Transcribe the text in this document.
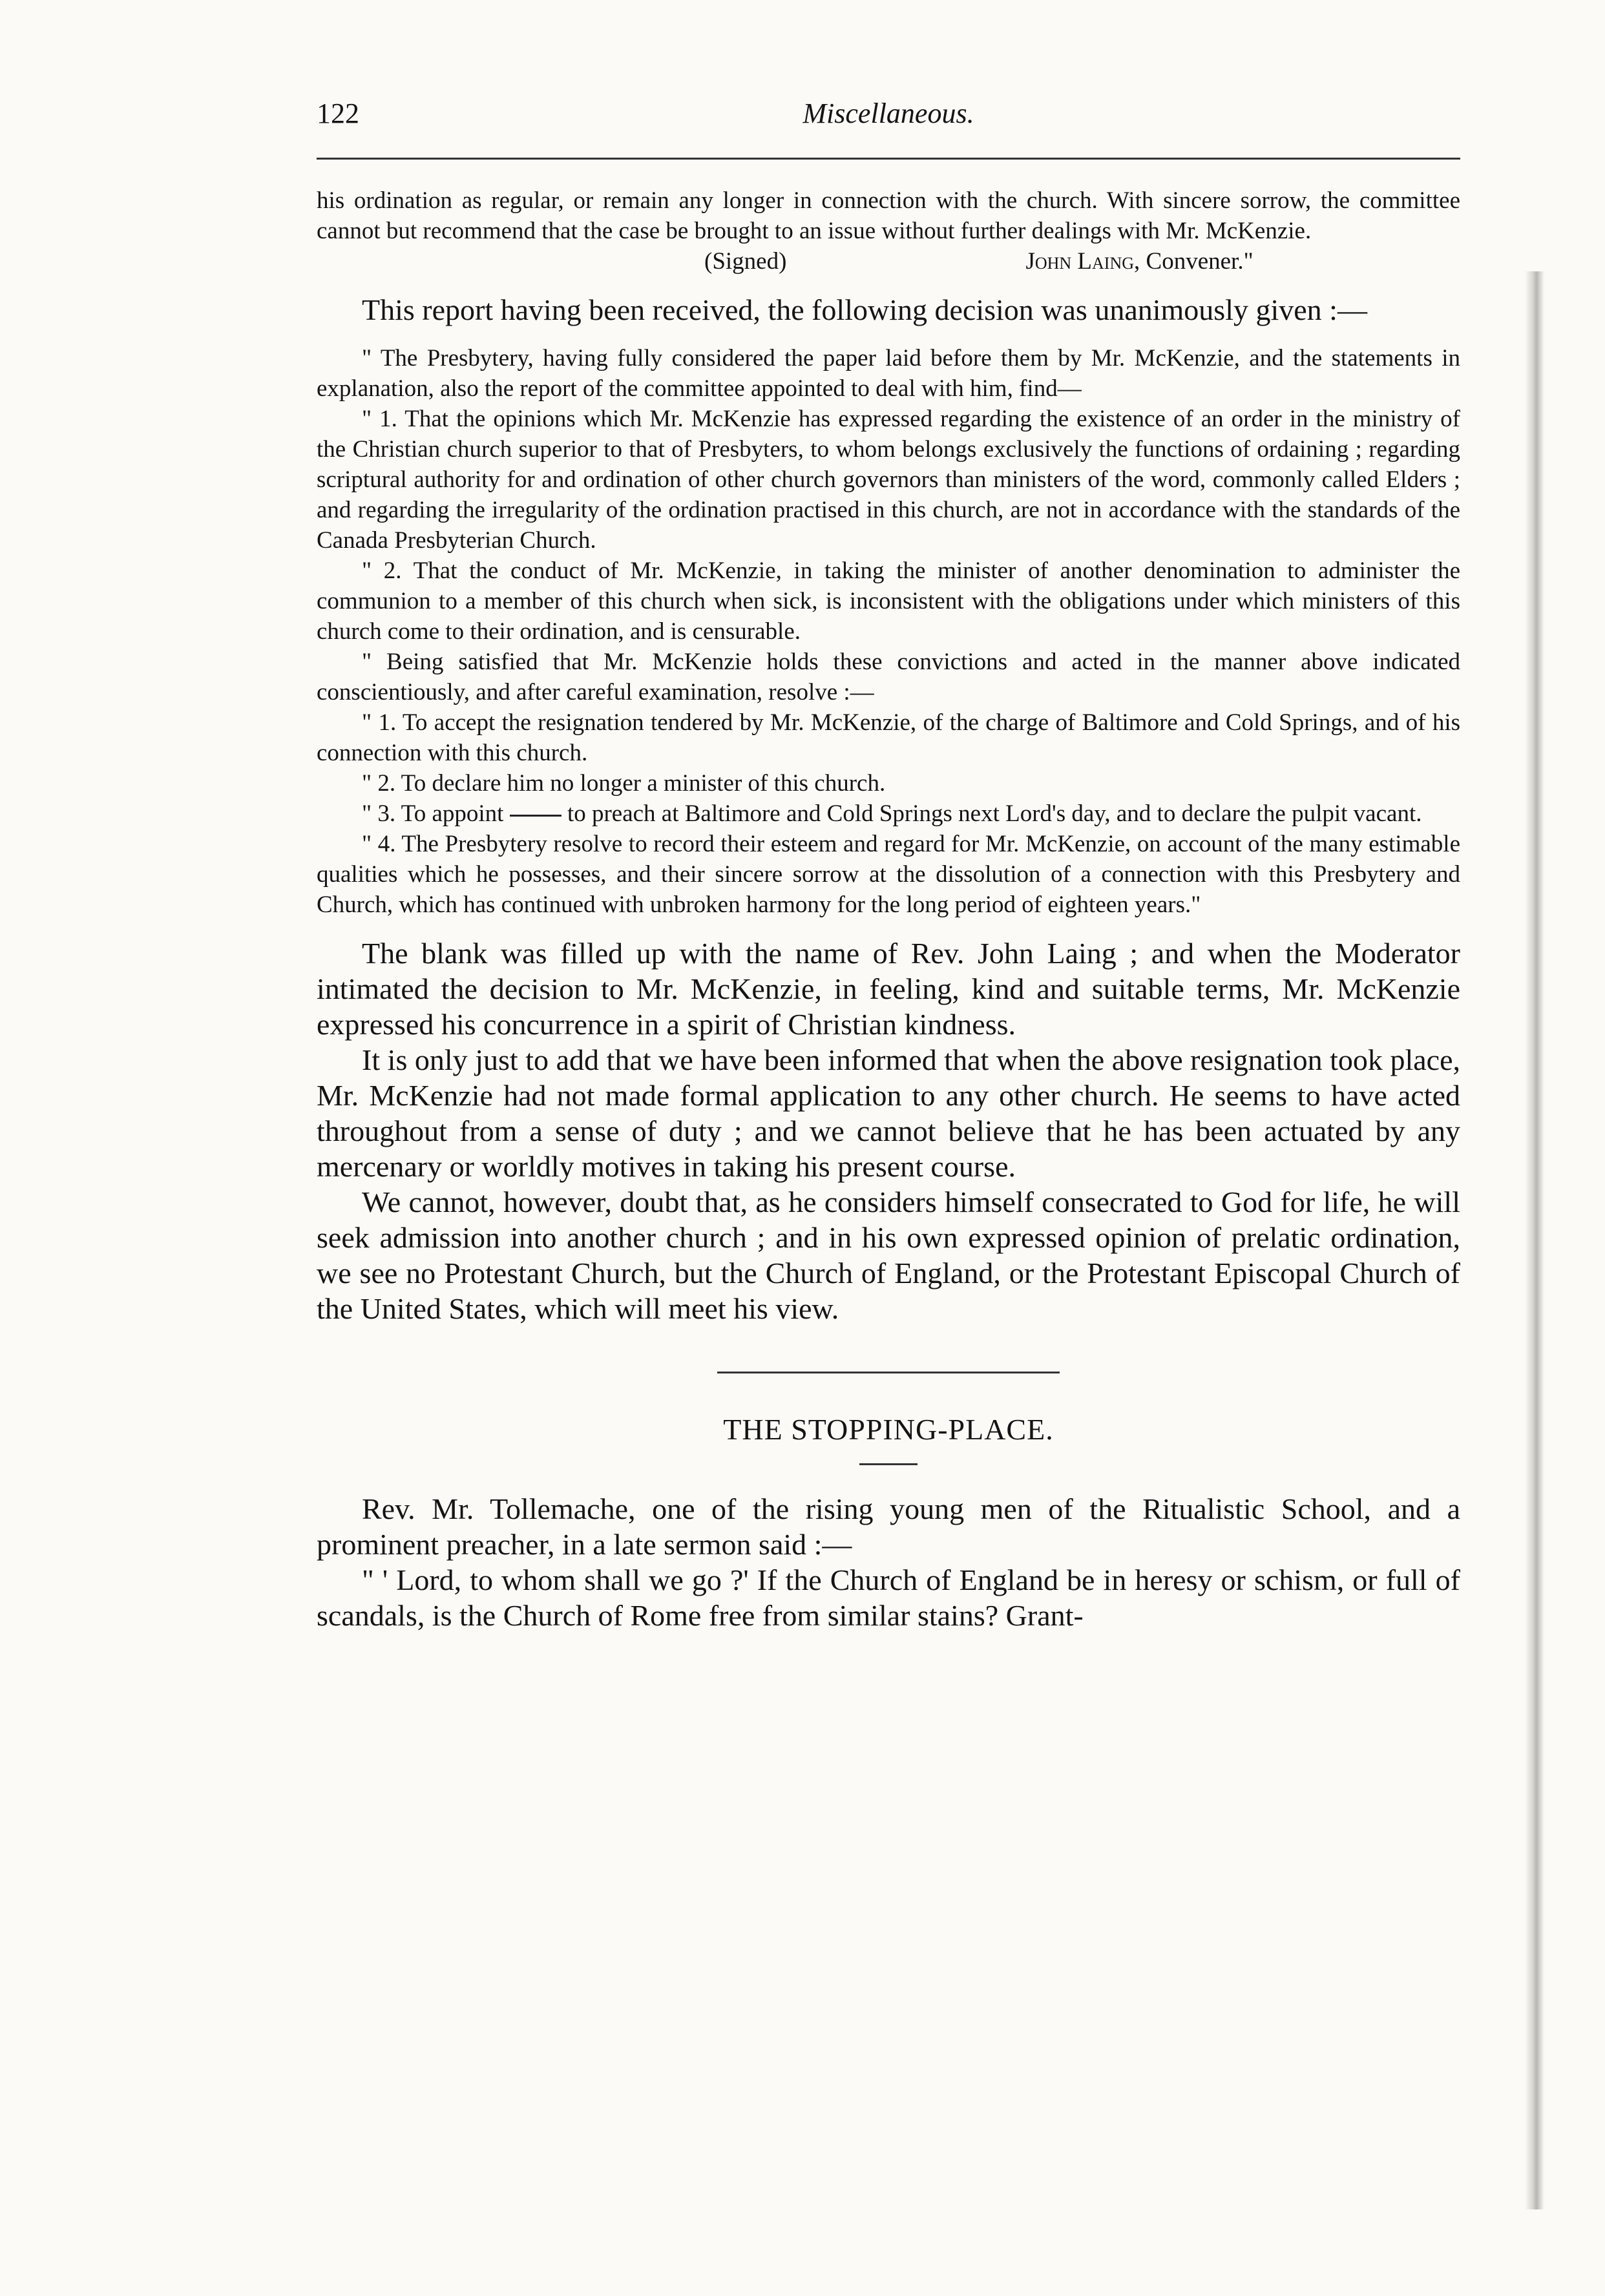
122	Miscellaneous.

his ordination as regular, or remain any longer in connection with the church. With sincere sorrow, the committee cannot but recommend that the case be brought to an issue without further dealings with Mr. McKenzie.

(Signed)	John Laing, Convener."

This report having been received, the following decision was unanimously given :—

" The Presbytery, having fully considered the paper laid before them by Mr. McKenzie, and the statements in explanation, also the report of the committee appointed to deal with him, find—

" 1. That the opinions which Mr. McKenzie has expressed regarding the existence of an order in the ministry of the Christian church superior to that of Presbyters, to whom belongs exclusively the functions of ordaining ; regarding scriptural authority for and ordination of other church governors than ministers of the word, commonly called Elders ; and regarding the irregularity of the ordination practised in this church, are not in accordance with the standards of the Canada Presbyterian Church.

" 2. That the conduct of Mr. McKenzie, in taking the minister of another denomination to administer the communion to a member of this church when sick, is inconsistent with the obligations under which ministers of this church come to their ordination, and is censurable.

" Being satisfied that Mr. McKenzie holds these convictions and acted in the manner above indicated conscientiously, and after careful examination, resolve :—

" 1. To accept the resignation tendered by Mr. McKenzie, of the charge of Baltimore and Cold Springs, and of his connection with this church.

" 2. To declare him no longer a minister of this church.

" 3. To appoint	to preach at Baltimore and Cold Springs next Lord's day, and to declare the pulpit vacant.

" 4. The Presbytery resolve to record their esteem and regard for Mr. McKenzie, on account of the many estimable qualities which he possesses, and their sincere sorrow at the dissolution of a connection with this Presbytery and Church, which has continued with unbroken harmony for the long period of eighteen years."

The blank was filled up with the name of Rev. John Laing ; and when the Moderator intimated the decision to Mr. McKenzie, in feeling, kind and suitable terms, Mr. McKenzie expressed his concurrence in a spirit of Christian kindness.

It is only just to add that we have been informed that when the above resignation took place, Mr. McKenzie had not made formal application to any other church. He seems to have acted throughout from a sense of duty ; and we cannot believe that he has been actuated by any mercenary or worldly motives in taking his present course.

We cannot, however, doubt that, as he considers himself consecrated to God for life, he will seek admission into another church ; and in his own expressed opinion of prelatic ordination, we see no Protestant Church, but the Church of England, or the Protestant Episcopal Church of the United States, which will meet his view.

THE STOPPING-PLACE.

Rev. Mr. Tollemache, one of the rising young men of the Ritualistic School, and a prominent preacher, in a late sermon said :—

" ' Lord, to whom shall we go ?' If the Church of England be in heresy or schism, or full of scandals, is the Church of Rome free from similar stains? Grant-
